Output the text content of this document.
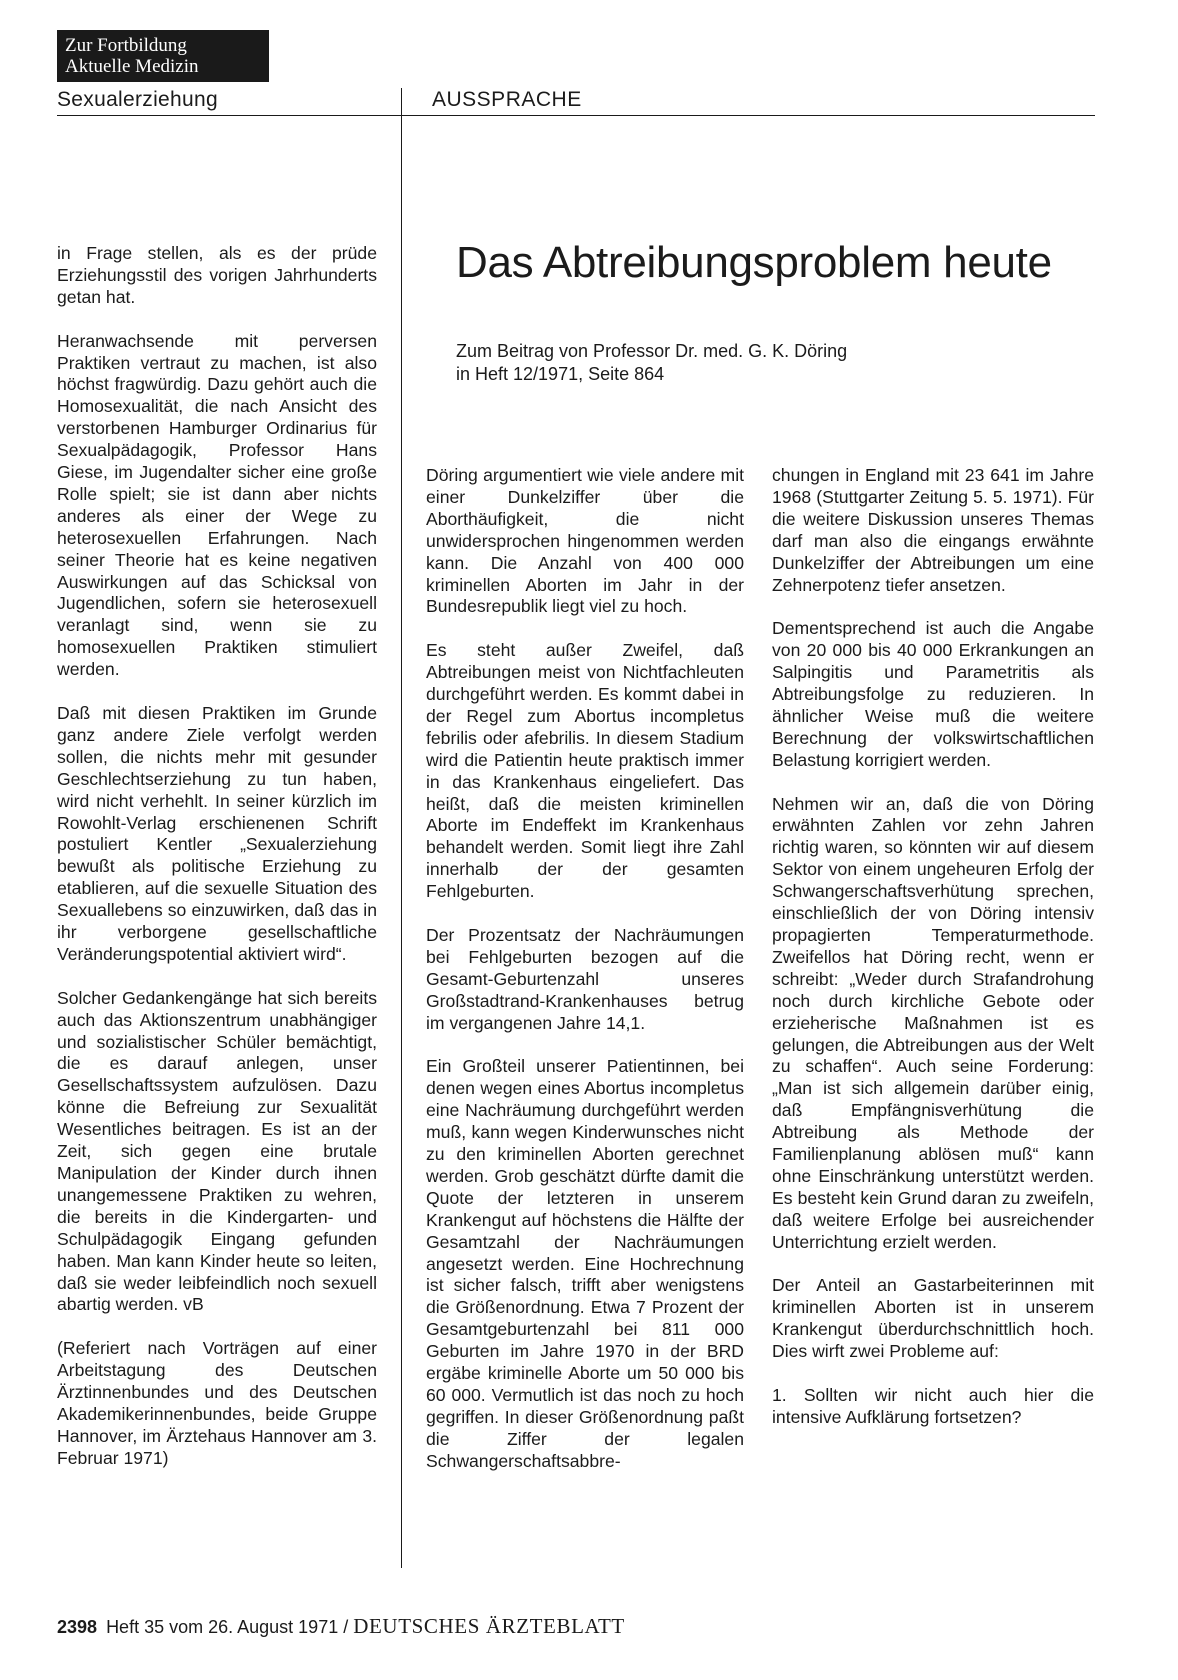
Zur Fortbildung
Aktuelle Medizin
Sexualerziehung	AUSSPRACHE

in Frage stellen, als es der prüde Erziehungsstil des vorigen Jahrhunderts getan hat.

Heranwachsende mit perversen Praktiken vertraut zu machen, ist also höchst fragwürdig. Dazu gehört auch die Homosexualität, die nach Ansicht des verstorbenen Hamburger Ordinarius für Sexualpädagogik, Professor Hans Giese, im Jugendalter sicher eine große Rolle spielt; sie ist dann aber nichts anderes als einer der Wege zu heterosexuellen Erfahrungen. Nach seiner Theorie hat es keine negativen Auswirkungen auf das Schicksal von Jugendlichen, sofern sie heterosexuell veranlagt sind, wenn sie zu homosexuellen Praktiken stimuliert werden.

Daß mit diesen Praktiken im Grunde ganz andere Ziele verfolgt werden sollen, die nichts mehr mit gesunder Geschlechtserziehung zu tun haben, wird nicht verhehlt. In seiner kürzlich im Rowohlt-Verlag erschienenen Schrift postuliert Kentler „Sexualerziehung bewußt als politische Erziehung zu etablieren, auf die sexuelle Situation des Sexuallebens so einzuwirken, daß das in ihr verborgene gesellschaftliche Veränderungspotential aktiviert wird“.

Solcher Gedankengänge hat sich bereits auch das Aktionszentrum unabhängiger und sozialistischer Schüler bemächtigt, die es darauf anlegen, unser Gesellschaftssystem aufzulösen. Dazu könne die Befreiung zur Sexualität Wesentliches beitragen. Es ist an der Zeit, sich gegen eine brutale Manipulation der Kinder durch ihnen unangemessene Praktiken zu wehren, die bereits in die Kindergarten- und Schulpädagogik Eingang gefunden haben. Man kann Kinder heute so leiten, daß sie weder leibfeindlich noch sexuell abartig werden. vB

(Referiert nach Vorträgen auf einer Arbeitstagung des Deutschen Ärztinnenbundes und des Deutschen Akademikerinnenbundes, beide Gruppe Hannover, im Ärztehaus Hannover am 3. Februar 1971)

Das Abtreibungsproblem heute
Zum Beitrag von Professor Dr. med. G. K. Döring
in Heft 12/1971, Seite 864

Döring argumentiert wie viele andere mit einer Dunkelziffer über die Aborthäufigkeit, die nicht unwidersprochen hingenommen werden kann. Die Anzahl von 400 000 kriminellen Aborten im Jahr in der Bundesrepublik liegt viel zu hoch.

Es steht außer Zweifel, daß Abtreibungen meist von Nichtfachleuten durchgeführt werden. Es kommt dabei in der Regel zum Abortus incompletus febrilis oder afebrilis. In diesem Stadium wird die Patientin heute praktisch immer in das Krankenhaus eingeliefert. Das heißt, daß die meisten kriminellen Aborte im Endeffekt im Krankenhaus behandelt werden. Somit liegt ihre Zahl innerhalb der der gesamten Fehlgeburten.

Der Prozentsatz der Nachräumungen bei Fehlgeburten bezogen auf die Gesamt-Geburtenzahl unseres Großstadtrand-Krankenhauses betrug im vergangenen Jahre 14,1.

Ein Großteil unserer Patientinnen, bei denen wegen eines Abortus incompletus eine Nachräumung durchgeführt werden muß, kann wegen Kinderwunsches nicht zu den kriminellen Aborten gerechnet werden. Grob geschätzt dürfte damit die Quote der letzteren in unserem Krankengut auf höchstens die Hälfte der Gesamtzahl der Nachräumungen angesetzt werden. Eine Hochrechnung ist sicher falsch, trifft aber wenigstens die Größenordnung. Etwa 7 Prozent der Gesamtgeburtenzahl bei 811 000 Geburten im Jahre 1970 in der BRD ergäbe kriminelle Aborte um 50 000 bis 60 000. Vermutlich ist das noch zu hoch gegriffen. In dieser Größenordnung paßt die Ziffer der legalen Schwangerschaftsabbre-

chungen in England mit 23 641 im Jahre 1968 (Stuttgarter Zeitung 5. 5. 1971). Für die weitere Diskussion unseres Themas darf man also die eingangs erwähnte Dunkelziffer der Abtreibungen um eine Zehnerpotenz tiefer ansetzen.

Dementsprechend ist auch die Angabe von 20 000 bis 40 000 Erkrankungen an Salpingitis und Parametritis als Abtreibungsfolge zu reduzieren. In ähnlicher Weise muß die weitere Berechnung der volkswirtschaftlichen Belastung korrigiert werden.

Nehmen wir an, daß die von Döring erwähnten Zahlen vor zehn Jahren richtig waren, so könnten wir auf diesem Sektor von einem ungeheuren Erfolg der Schwangerschaftsverhütung sprechen, einschließlich der von Döring intensiv propagierten Temperaturmethode. Zweifellos hat Döring recht, wenn er schreibt: „Weder durch Strafandrohung noch durch kirchliche Gebote oder erzieherische Maßnahmen ist es gelungen, die Abtreibungen aus der Welt zu schaffen“. Auch seine Forderung: „Man ist sich allgemein darüber einig, daß Empfängnisverhütung die Abtreibung als Methode der Familienplanung ablösen muß“ kann ohne Einschränkung unterstützt werden. Es besteht kein Grund daran zu zweifeln, daß weitere Erfolge bei ausreichender Unterrichtung erzielt werden.

Der Anteil an Gastarbeiterinnen mit kriminellen Aborten ist in unserem Krankengut überdurchschnittlich hoch. Dies wirft zwei Probleme auf:

1. Sollten wir nicht auch hier die intensive Aufklärung fortsetzen?

2398 Heft 35 vom 26. August 1971 / DEUTSCHES ÄRZTEBLATT
